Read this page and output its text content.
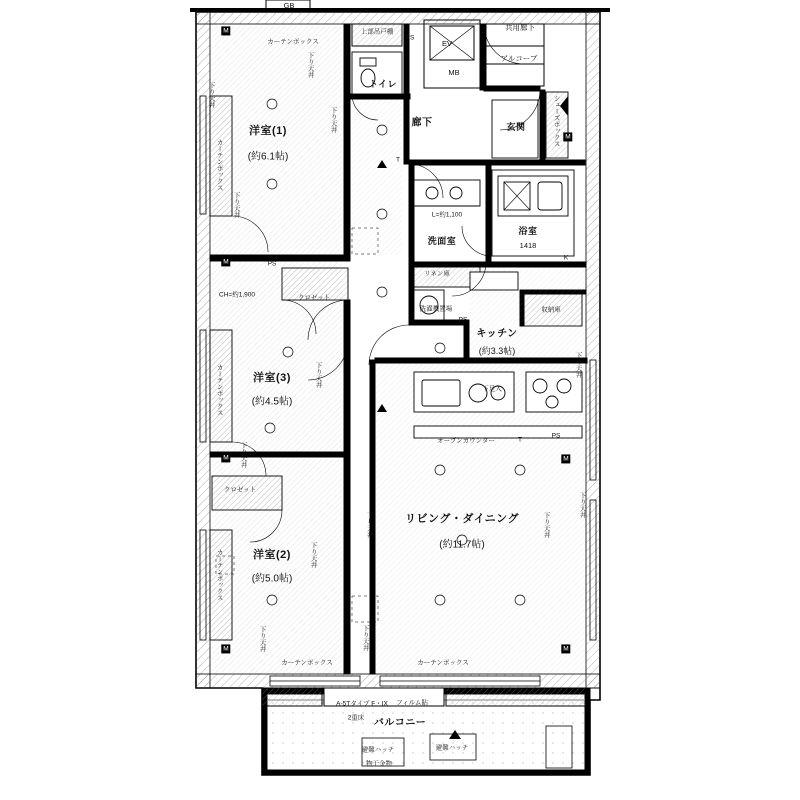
洋室(1)
(約6.1帖)
洋室(3)
(約4.5帖)
洋室(2)
(約5.0帖)
リビング・ダイニング
(約11.7帖)
キッチン
(約3.3帖)
浴室
1418
洗面室
トイレ
廊下	玄関
バルコニー
共用廊下
アルコーブ
GB
EV
MB
PS
PS
PS
PS
クロゼット
クロゼット
リネン庫
洗濯機置場	収納庫
L=約1,100
CH=約1,900
オープンカウンター
下足入
カーテンボックス
カーテンボックス	カーテンボックス
上部吊戸棚
物干金物
避難ハッチ	避難ハッチ
A-5Tタイプ F・IX
2重床
フィルム貼
下り天井
下り天井
下り天井
下り天井
下り天井
下り天井
下り天井
下り天井
下り天井
下り天井
下り天井
下り天井
下り天井
カーテンボックス
カーテンボックス
カーテンボックス
シューズボックス
M
M
M
M
M
M
M
K
T
T
